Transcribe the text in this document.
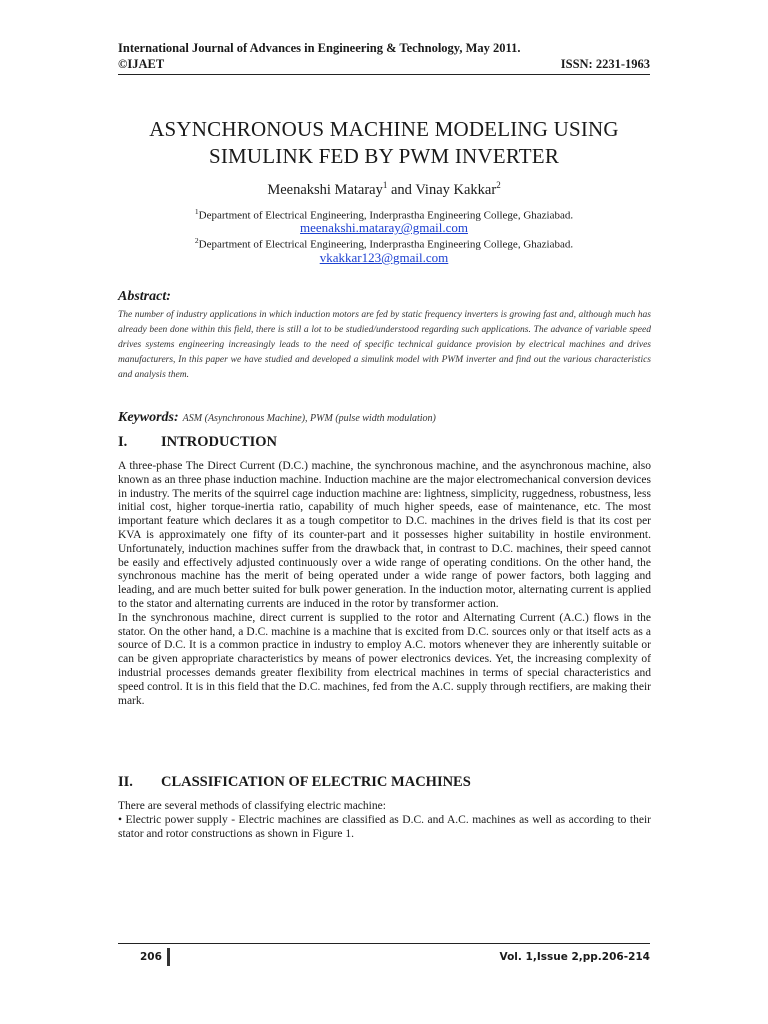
International Journal of Advances in Engineering & Technology, May 2011.
©IJAET	ISSN: 2231-1963
ASYNCHRONOUS MACHINE MODELING USING
SIMULINK FED BY PWM INVERTER
Meenakshi Mataray$^1$ and Vinay Kakkar$^2$
$^1$Department of Electrical Engineering, Inderprastha Engineering College, Ghaziabad.
meenakshi.mataray@gmail.com
$^2$Department of Electrical Engineering, Inderprastha Engineering College, Ghaziabad.
vkakkar123@gmail.com
Abstract:
The number of industry applications in which induction motors are fed by static frequency inverters is growing fast and, although much has already been done within this field, there is still a lot to be studied/understood regarding such applications. The advance of variable speed drives systems engineering increasingly leads to the need of specific technical guidance provision by electrical machines and drives manufacturers, In this paper we have studied and developed a simulink model with PWM inverter and find out the various characteristics and analysis them.
Keywords: ASM (Asynchronous Machine), PWM (pulse width modulation)
I.	INTRODUCTION

A three-phase The Direct Current (D.C.) machine, the synchronous machine, and the asynchronous machine, also known as an three phase induction machine. Induction machine are the major electromechanical conversion devices in industry. The merits of the squirrel cage induction machine are: lightness, simplicity, ruggedness, robustness, less initial cost, higher torque-inertia ratio, capability of much higher speeds, ease of maintenance, etc. The most important feature which declares it as a tough competitor to D.C. machines in the drives field is that its cost per KVA is approximately one fifty of its counter-part and it possesses higher suitability in hostile environment. Unfortunately, induction machines suffer from the drawback that, in contrast to D.C. machines, their speed cannot be easily and effectively adjusted continuously over a wide range of operating conditions. On the other hand, the synchronous machine has the merit of being operated under a wide range of power factors, both lagging and leading, and are much better suited for bulk power generation. In the induction motor, alternating current is applied to the stator and alternating currents are induced in the rotor by transformer action.

In the synchronous machine, direct current is supplied to the rotor and Alternating Current (A.C.) flows in the stator. On the other hand, a D.C. machine is a machine that is excited from D.C. sources only or that itself acts as a source of D.C. It is a common practice in industry to employ A.C. motors whenever they are inherently suitable or can be given appropriate characteristics by means of power electronics devices. Yet, the increasing complexity of industrial processes demands greater flexibility from electrical machines in terms of special characteristics and speed control. It is in this field that the D.C. machines, fed from the A.C. supply through rectifiers, are making their mark.

II.	CLASSIFICATION OF ELECTRIC MACHINES

There are several methods of classifying electric machine:

• Electric power supply - Electric machines are classified as D.C. and A.C. machines as well as according to their stator and rotor constructions as shown in Figure 1.

206	Vol. 1,Issue 2,pp.206-214
